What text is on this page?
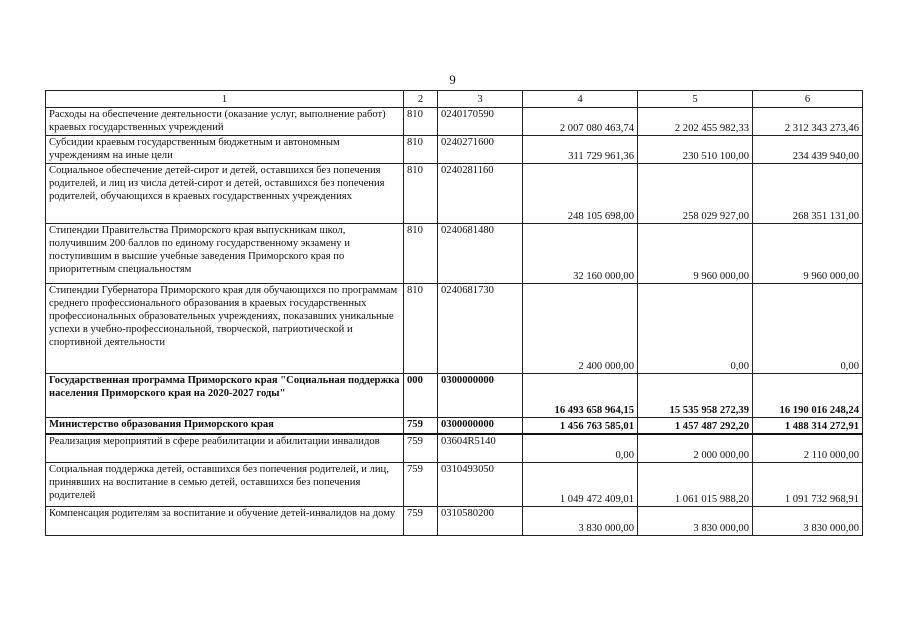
9
1	2	3	4	5	6
Расходы на обеспечение деятельности (оказание услуг, выполнение работ) краевых государственных учреждений	810	0240170590	2 007 080 463,74	2 202 455 982,33	2 312 343 273,46
Субсидии краевым государственным бюджетным и автономным учреждениям на иные цели	810	0240271600	311 729 961,36	230 510 100,00	234 439 940,00
Социальное обеспечение детей-сирот и детей, оставшихся без попечения родителей, и лиц из числа детей-сирот и детей, оставшихся без попечения родителей, обучающихся в краевых государственных учреждениях	810	0240281160	248 105 698,00	258 029 927,00	268 351 131,00
Стипендии Правительства Приморского края выпускникам школ, получившим 200 баллов по единому государственному экзамену и поступившим в высшие учебные заведения Приморского края по приоритетным специальностям	810	0240681480	32 160 000,00	9 960 000,00	9 960 000,00
Стипендии Губернатора Приморского края для обучающихся по программам среднего профессионального образования в краевых государственных профессиональных образовательных учреждениях, показавших уникальные успехи в учебно-профессиональной, творческой, патриотической и спортивной деятельности	810	0240681730	2 400 000,00	0,00	0,00
Государственная программа Приморского края "Социальная поддержка населения Приморского края на 2020-2027 годы"	000	0300000000	16 493 658 964,15	15 535 958 272,39	16 190 016 248,24
Министерство образования Приморского края	759	0300000000	1 456 763 585,01	1 457 487 292,20	1 488 314 272,91
Реализация мероприятий в сфере реабилитации и абилитации инвалидов	759	03604R5140	0,00	2 000 000,00	2 110 000,00
Социальная поддержка детей, оставшихся без попечения родителей, и лиц, принявших на воспитание в семью детей, оставшихся без попечения родителей	759	0310493050	1 049 472 409,01	1 061 015 988,20	1 091 732 968,91
Компенсация родителям за воспитание и обучение детей-инвалидов на дому	759	0310580200	3 830 000,00	3 830 000,00	3 830 000,00
